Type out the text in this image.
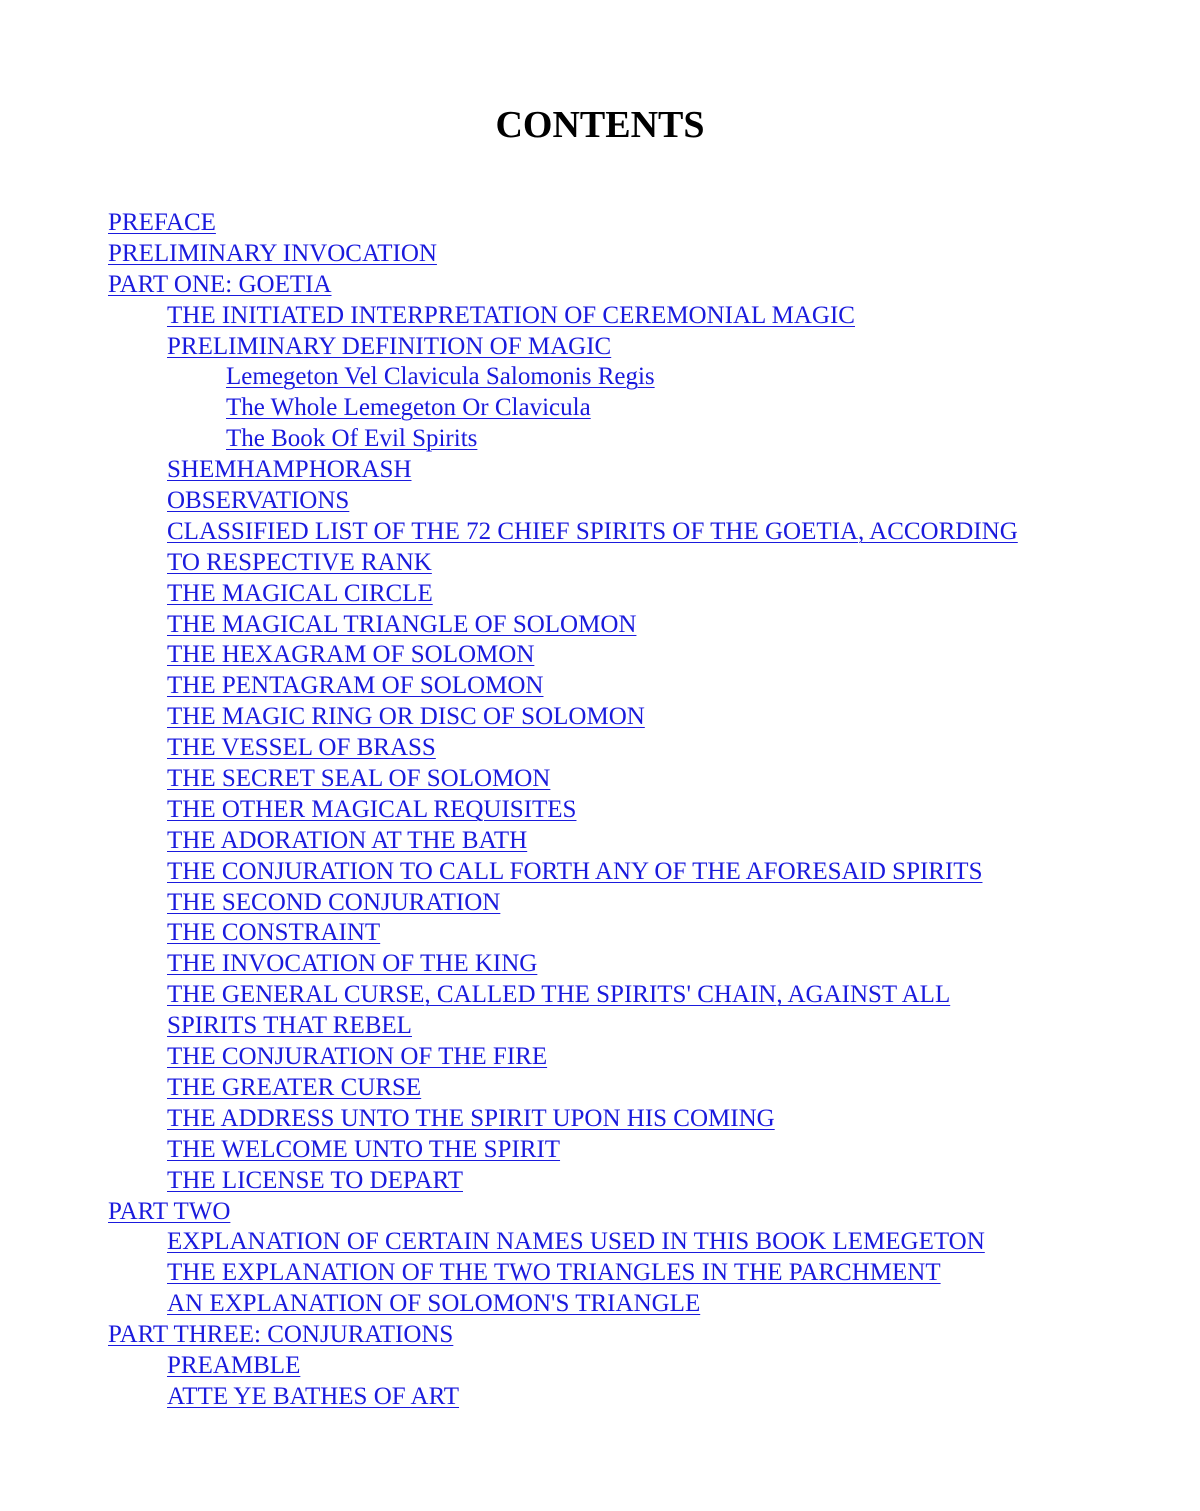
CONTENTS
PREFACE
PRELIMINARY INVOCATION
PART ONE: GOETIA
THE INITIATED INTERPRETATION OF CEREMONIAL MAGIC
PRELIMINARY DEFINITION OF MAGIC
Lemegeton Vel Clavicula Salomonis Regis
The Whole Lemegeton Or Clavicula
The Book Of Evil Spirits
SHEMHAMPHORASH
OBSERVATIONS
CLASSIFIED LIST OF THE 72 CHIEF SPIRITS OF THE GOETIA, ACCORDING
TO RESPECTIVE RANK
THE MAGICAL CIRCLE
THE MAGICAL TRIANGLE OF SOLOMON
THE HEXAGRAM OF SOLOMON
THE PENTAGRAM OF SOLOMON
THE MAGIC RING OR DISC OF SOLOMON
THE VESSEL OF BRASS
THE SECRET SEAL OF SOLOMON
THE OTHER MAGICAL REQUISITES
THE ADORATION AT THE BATH
THE CONJURATION TO CALL FORTH ANY OF THE AFORESAID SPIRITS
THE SECOND CONJURATION
THE CONSTRAINT
THE INVOCATION OF THE KING
THE GENERAL CURSE, CALLED THE SPIRITS' CHAIN, AGAINST ALL
SPIRITS THAT REBEL
THE CONJURATION OF THE FIRE
THE GREATER CURSE
THE ADDRESS UNTO THE SPIRIT UPON HIS COMING
THE WELCOME UNTO THE SPIRIT
THE LICENSE TO DEPART
PART TWO
EXPLANATION OF CERTAIN NAMES USED IN THIS BOOK LEMEGETON
THE EXPLANATION OF THE TWO TRIANGLES IN THE PARCHMENT
AN EXPLANATION OF SOLOMON'S TRIANGLE
PART THREE: CONJURATIONS
PREAMBLE
ATTE YE BATHES OF ART
